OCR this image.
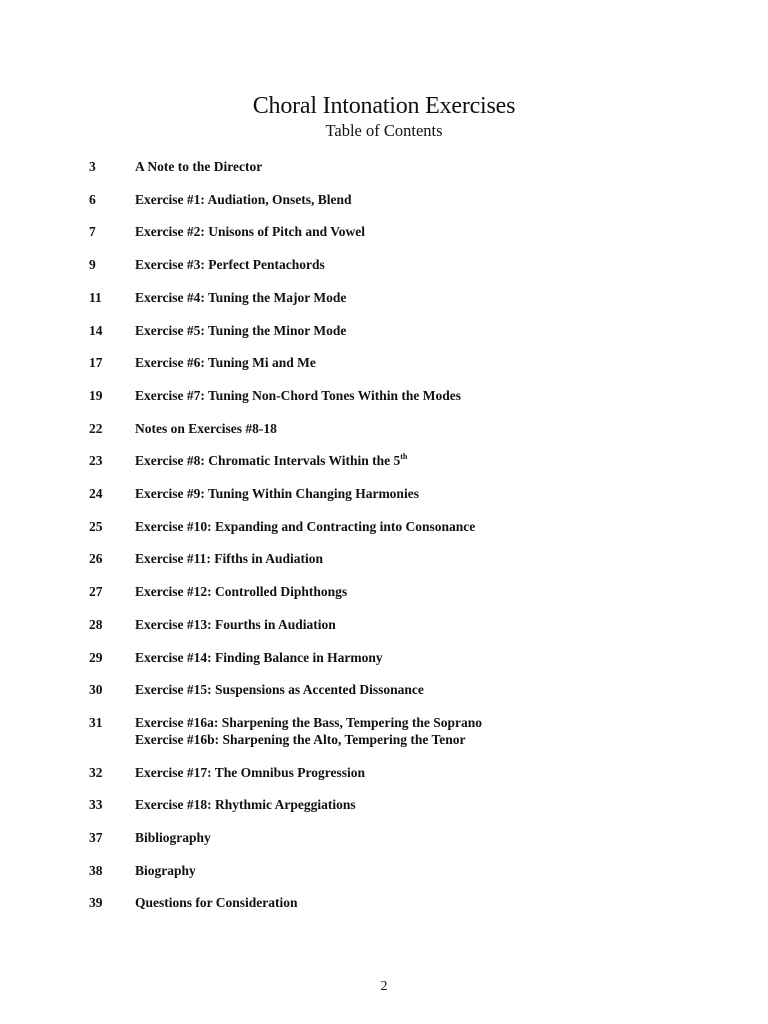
Choral Intonation Exercises
Table of Contents
3	A Note to the Director
6	Exercise #1: Audiation, Onsets, Blend
7	Exercise #2: Unisons of Pitch and Vowel
9	Exercise #3: Perfect Pentachords
11 Exercise #4: Tuning the Major Mode
14 Exercise #5: Tuning the Minor Mode
17 Exercise #6: Tuning Mi and Me
19 Exercise #7: Tuning Non-Chord Tones Within the Modes
22 Notes on Exercises #8-18
23 Exercise #8: Chromatic Intervals Within the 5th
24 Exercise #9: Tuning Within Changing Harmonies
25 Exercise #10: Expanding and Contracting into Consonance
26 Exercise #11: Fifths in Audiation
27 Exercise #12: Controlled Diphthongs
28 Exercise #13: Fourths in Audiation
29 Exercise #14: Finding Balance in Harmony
30 Exercise #15: Suspensions as Accented Dissonance
31 Exercise #16a: Sharpening the Bass, Tempering the Soprano
Exercise #16b: Sharpening the Alto, Tempering the Tenor
32 Exercise #17: The Omnibus Progression
33 Exercise #18: Rhythmic Arpeggiations
37 Bibliography
38 Biography
39 Questions for Consideration
2
